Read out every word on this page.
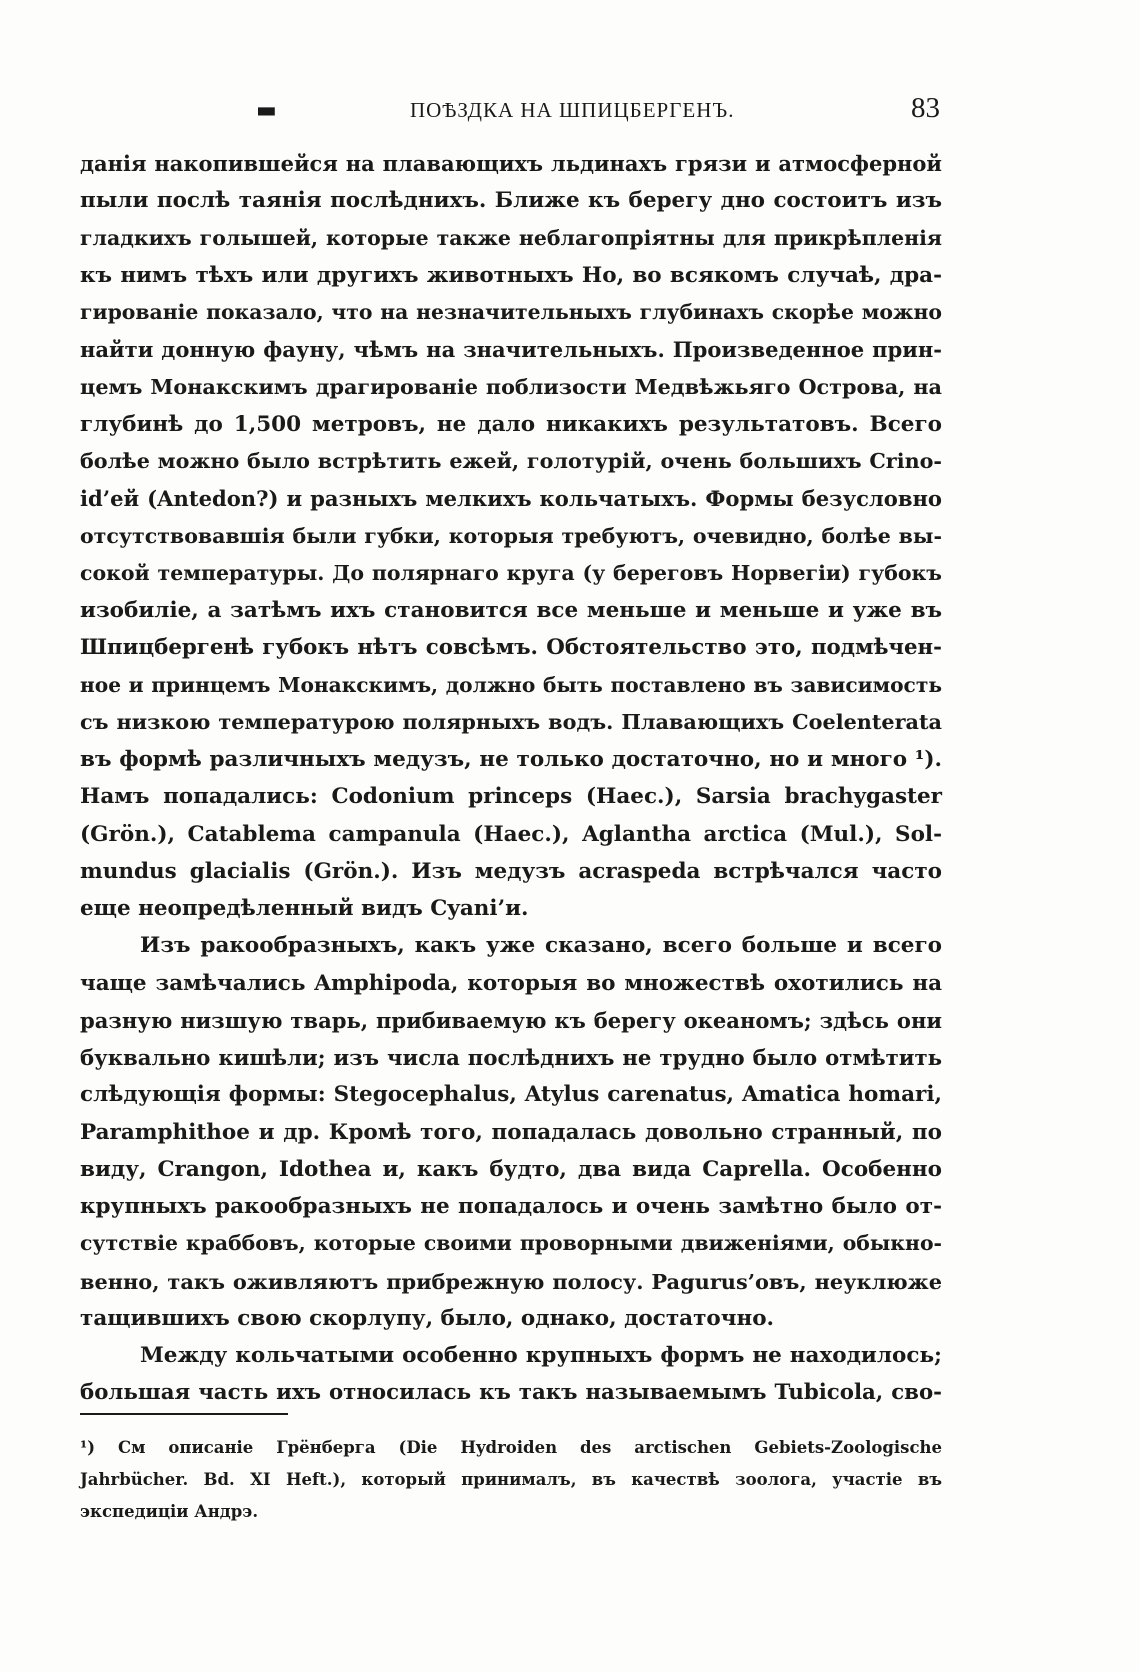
▬	ПОѢЗДКА НА ШПИЦБЕРГЕНЪ.	83
данія накопившейся на плавающихъ льдинахъ грязи и атмосферной
пыли послѣ таянія послѣднихъ. Ближе къ берегу дно состоитъ изъ
гладкихъ голышей, которые также неблагопріятны для прикрѣпленія
къ нимъ тѣхъ или другихъ животныхъ Но, во всякомъ случаѣ, дра-
гированіе показало, что на незначительныхъ глубинахъ скорѣе можно
найти донную фауну, чѣмъ на значительныхъ. Произведенное прин-
цемъ Монакскимъ драгированіе поблизости Медвѣжьяго Острова, на
глубинѣ до 1,500 метровъ, не дало никакихъ результатовъ. Всего
болѣе можно было встрѣтить ежей, голотурій, очень большихъ Crino-
id’ей (Antedon?) и разныхъ мелкихъ кольчатыхъ. Формы безусловно
отсутствовавшія были губки, которыя требуютъ, очевидно, болѣе вы-
сокой температуры. До полярнаго круга (у береговъ Норвегіи) губокъ
изобиліе, а затѣмъ ихъ становится все меньше и меньше и уже въ
Шпицбергенѣ губокъ нѣтъ совсѣмъ. Обстоятельство это, подмѣчен-
ное и принцемъ Монакскимъ, должно быть поставлено въ зависимость
съ низкою температурою полярныхъ водъ. Плавающихъ Coelenterata
въ формѣ различныхъ медузъ, не только достаточно, но и много ¹).
Намъ попадались: Codonium princeps (Haec.), Sarsia brachygaster
(Grön.), Catablema campanula (Haec.), Aglantha arctica (Mul.), Sol-
mundus glacialis (Grön.). Изъ медузъ acraspeda встрѣчался часто
еще неопредѣленный видъ Cyani’и.
Изъ ракообразныхъ, какъ уже сказано, всего больше и всего
чаще замѣчались Amphipoda, которыя во множествѣ охотились на
разную низшую тварь, прибиваемую къ берегу океаномъ; здѣсь они
буквально кишѣли; изъ числа послѣднихъ не трудно было отмѣтить
слѣдующія формы: Stegocephalus, Atylus carenatus, Amatica homari,
Paramphithoe и др. Кромѣ того, попадалась довольно странный, по
виду, Crangon, Idothea и, какъ будто, два вида Caprella. Особенно
крупныхъ ракообразныхъ не попадалось и очень замѣтно было от-
сутствіе краббовъ, которые своими проворными движеніями, обыкно-
венно, такъ оживляютъ прибрежную полосу. Pagurus’овъ, неуклюже
тащившихъ свою скорлупу, было, однако, достаточно.
Между кольчатыми особенно крупныхъ формъ не находилось;
большая часть ихъ относилась къ такъ называемымъ Tubicola, сво-
¹) См описаніе Грёнберга (Die Hydroiden des arctischen Gebiets-Zoologische
Jahrbücher. Bd. XI Heft.), который принималъ, въ качествѣ зоолога, участіе въ
экспедиціи Андрэ.
